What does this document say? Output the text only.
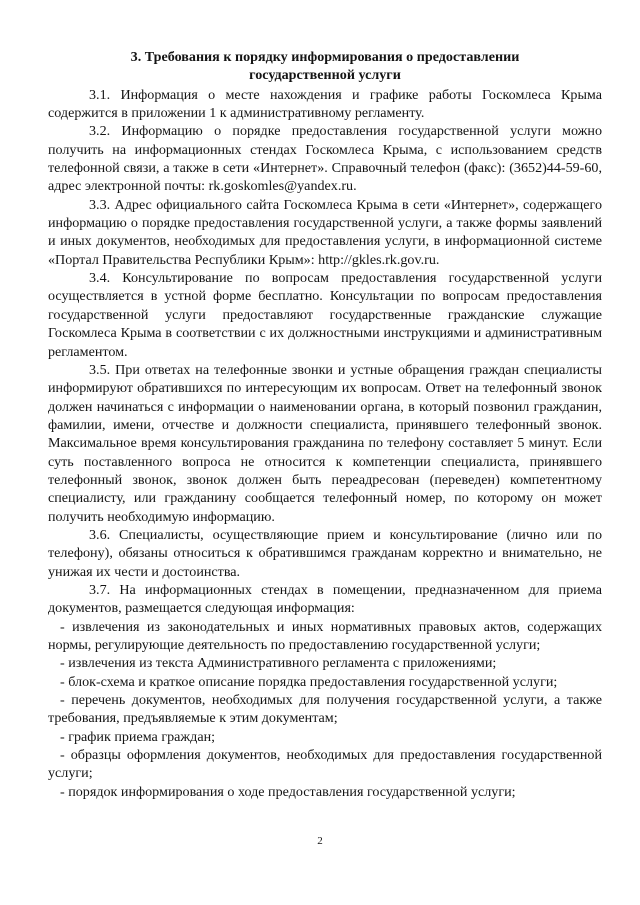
3. Требования к порядку информирования о предоставлении
государственной услуги

3.1. Информация о месте нахождения и графике работы Госкомлеса Крыма содержится в приложении 1 к административному регламенту.

3.2. Информацию о порядке предоставления государственной услуги можно получить на информационных стендах Госкомлеса Крыма, с использованием средств телефонной связи, а также в сети «Интернет». Справочный телефон (факс): (3652)44-59-60, адрес электронной почты: rk.goskomles@yandex.ru.

3.3. Адрес официального сайта Госкомлеса Крыма в сети «Интернет», содержащего информацию о порядке предоставления государственной услуги, а также формы заявлений и иных документов, необходимых для предоставления услуги, в информационной системе «Портал Правительства Республики Крым»: http://gkles.rk.gov.ru.

3.4. Консультирование по вопросам предоставления государственной услуги осуществляется в устной форме бесплатно. Консультации по вопросам предоставления государственной услуги предоставляют государственные гражданские служащие Госкомлеса Крыма в соответствии с их должностными инструкциями и административным регламентом.

3.5. При ответах на телефонные звонки и устные обращения граждан специалисты информируют обратившихся по интересующим их вопросам. Ответ на телефонный звонок должен начинаться с информации о наименовании органа, в который позвонил гражданин, фамилии, имени, отчестве и должности специалиста, принявшего телефонный звонок. Максимальное время консультирования гражданина по телефону составляет 5 минут. Если суть поставленного вопроса не относится к компетенции специалиста, принявшего телефонный звонок, звонок должен быть переадресован (переведен) компетентному специалисту, или гражданину сообщается телефонный номер, по которому он может получить необходимую информацию.

3.6. Специалисты, осуществляющие прием и консультирование (лично или по телефону), обязаны относиться к обратившимся гражданам корректно и внимательно, не унижая их чести и достоинства.

3.7. На информационных стендах в помещении, предназначенном для приема документов, размещается следующая информация:

- извлечения из законодательных и иных нормативных правовых актов, содержащих нормы, регулирующие деятельность по предоставлению государственной услуги;

- извлечения из текста Административного регламента с приложениями;

- блок-схема и краткое описание порядка предоставления государственной услуги;

- перечень документов, необходимых для получения государственной услуги, а также требования, предъявляемые к этим документам;

- график приема граждан;

- образцы оформления документов, необходимых для предоставления государственной услуги;

- порядок информирования о ходе предоставления государственной услуги;

2
